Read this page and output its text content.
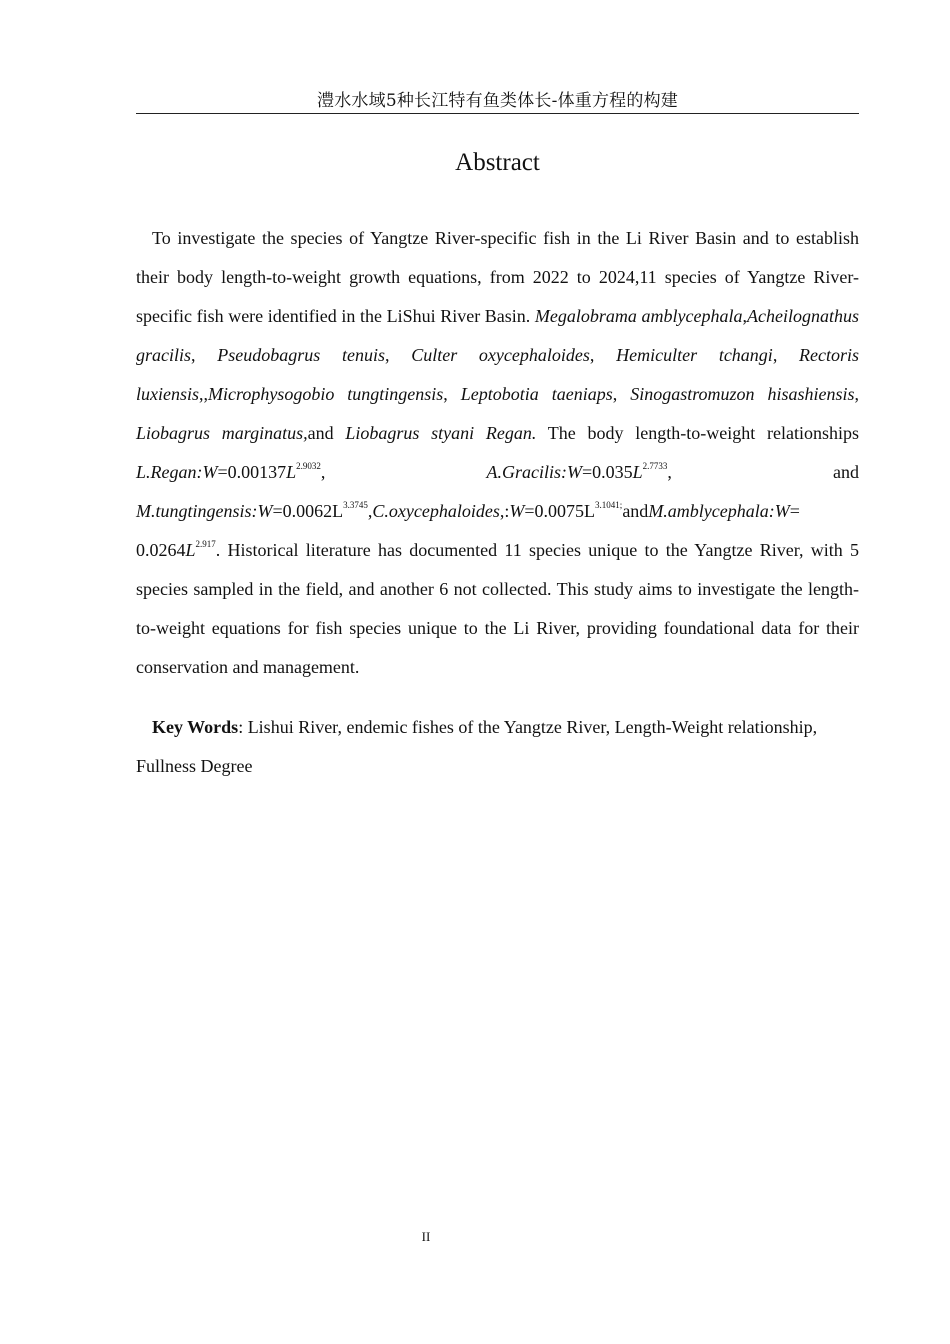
澧水水域5种长江特有鱼类体长-体重方程的构建
Abstract

To investigate the species of Yangtze River-specific fish in the Li River Basin and to establish their body length-to-weight growth equations, from 2022 to 2024,11 species of Yangtze River-specific fish were identified in the LiShui River Basin. Megalobrama amblycephala,Acheilognathus gracilis, Pseudobagrus tenuis, Culter oxycephaloides, Hemiculter tchangi, Rectoris luxiensis,,Microphysogobio tungtingensis, Leptobotia taeniaps, Sinogastromuzon hisashiensis, Liobagrus marginatus,and Liobagrus styani Regan. The body length-to-weight relationships $L.Regan:W=0.00137L^{2.9032}$, $A.Gracilis:W=0.035L^{2.7733}$, and $M.tungtingensis:W=0.0062L^{3.3745},C.oxycephaloides,:W=0.0075L^{3.1041;}andM.amblycephala:W= 0.0264L^{2.917}$. Historical literature has documented 11 species unique to the Yangtze River, with 5 species sampled in the field, and another 6 not collected. This study aims to investigate the length-to-weight equations for fish species unique to the Li River, providing foundational data for their conservation and management.

Key Words: Lishui River, endemic fishes of the Yangtze River, Length-Weight relationship, Fullness Degree

II
